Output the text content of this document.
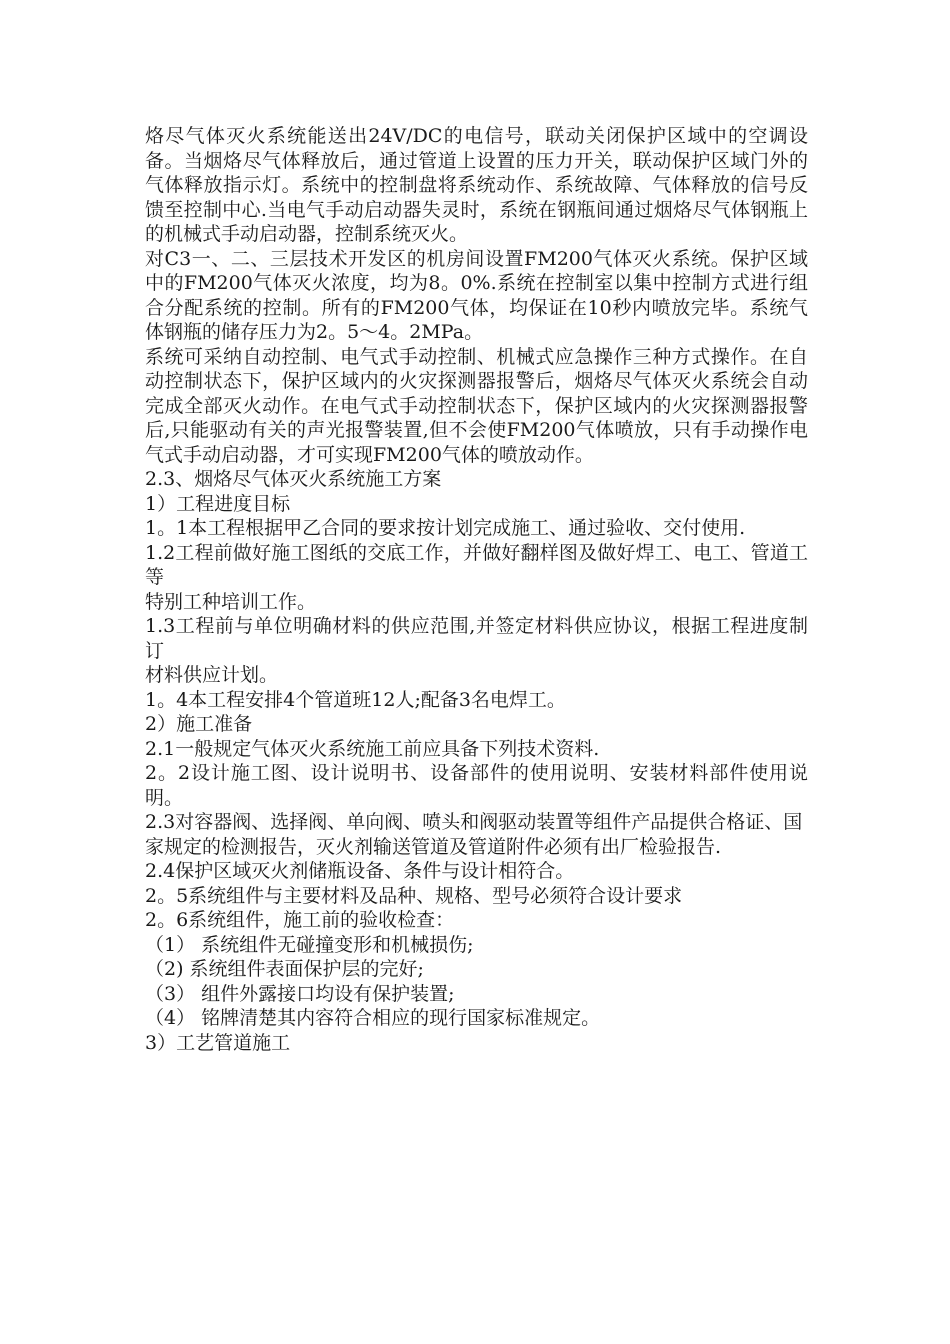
烙尽气体灭火系统能送出24V/DC的电信号，联动关闭保护区域中的空调设备。当烟烙尽气体释放后，通过管道上设置的压力开关，联动保护区域门外的气体释放指示灯。系统中的控制盘将系统动作、系统故障、气体释放的信号反馈至控制中心.当电气手动启动器失灵时，系统在钢瓶间通过烟烙尽气体钢瓶上的机械式手动启动器，控制系统灭火。

对C3一、二、三层技术开发区的机房间设置FM200气体灭火系统。保护区域中的FM200气体灭火浓度，均为8。0%.系统在控制室以集中控制方式进行组合分配系统的控制。所有的FM200气体，均保证在10秒内喷放完毕。系统气体钢瓶的储存压力为2。5～4。2MPa。

系统可采纳自动控制、电气式手动控制、机械式应急操作三种方式操作。在自动控制状态下，保护区域内的火灾探测器报警后，烟烙尽气体灭火系统会自动完成全部灭火动作。在电气式手动控制状态下，保护区域内的火灾探测器报警后,只能驱动有关的声光报警装置,但不会使FM200气体喷放，只有手动操作电气式手动启动器，才可实现FM200气体的喷放动作。

2.3、烟烙尽气体灭火系统施工方案

1）工程进度目标

1。1本工程根据甲乙合同的要求按计划完成施工、通过验收、交付使用.

1.2工程前做好施工图纸的交底工作，并做好翻样图及做好焊工、电工、管道工等

特别工种培训工作。

1.3工程前与单位明确材料的供应范围,并签定材料供应协议，根据工程进度制订

材料供应计划。

1。4本工程安排4个管道班12人;配备3名电焊工。

2）施工准备

2.1一般规定气体灭火系统施工前应具备下列技术资料.

2。2设计施工图、设计说明书、设备部件的使用说明、安装材料部件使用说明。

2.3对容器阀、选择阀、单向阀、喷头和阀驱动装置等组件产品提供合格证、国

家规定的检测报告，灭火剂输送管道及管道附件必须有出厂检验报告.

2.4保护区域灭火剂储瓶设备、条件与设计相符合。

2。5系统组件与主要材料及品种、规格、型号必须符合设计要求

2。6系统组件，施工前的验收检查：

（1） 系统组件无碰撞变形和机械损伤;

（2) 系统组件表面保护层的完好;

（3） 组件外露接口均设有保护装置;

（4） 铭牌清楚其内容符合相应的现行国家标准规定。

3）工艺管道施工
